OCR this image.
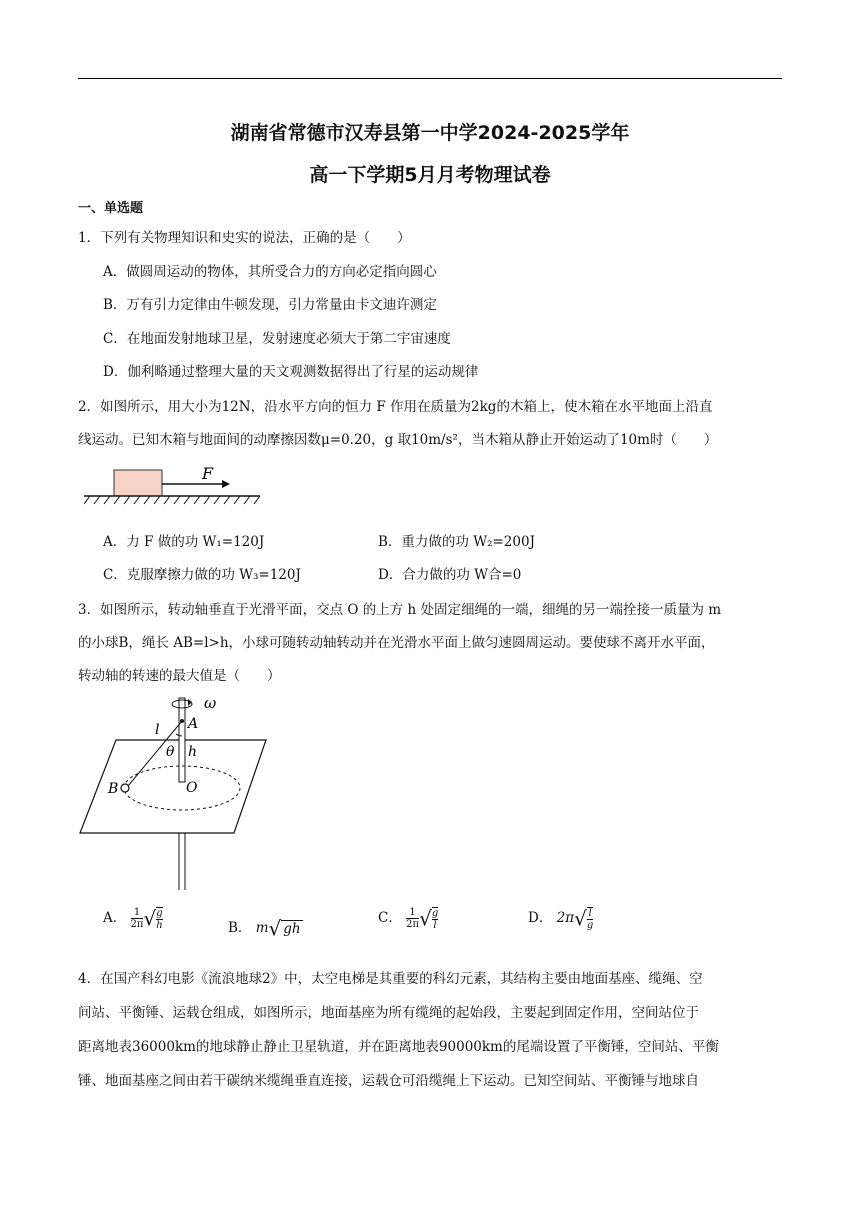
湖南省常德市汉寿县第一中学2024-2025学年
高一下学期5月月考物理试卷
一、单选题
1．下列有关物理知识和史实的说法，正确的是（　　）
A．做圆周运动的物体，其所受合力的方向必定指向圆心
B．万有引力定律由牛顿发现，引力常量由卡文迪许测定
C．在地面发射地球卫星，发射速度必须大于第二宇宙速度
D．伽利略通过整理大量的天文观测数据得出了行星的运动规律
2．如图所示，用大小为12N，沿水平方向的恒力 F 作用在质量为2kg的木箱上，使木箱在水平地面上沿直
线运动。已知木箱与地面间的动摩擦因数μ=0.20，g 取10m/s²，当木箱从静止开始运动了10m时（　　）
F
A．力 F 做的功 W₁=120J	B．重力做的功 W₂=200J
C．克服摩擦力做的功 W₃=120J	D．合力做的功 W合=0
3．如图所示，转动轴垂直于光滑平面，交点 O 的上方 h 处固定细绳的一端，细绳的另一端拴接一质量为 m
的小球B，绳长 AB=l>h，小球可随转动轴转动并在光滑水平面上做匀速圆周运动。要使球不离开水平面，
转动轴的转速的最大值是（　　）
ω
A
l
θ h
B	O
A． $\frac{1}{2\pi}$ √ $\frac{g}{h}$	B． m√ gh
C． $\frac{1}{2\pi}$ √ $\frac{g}{l}$	D． $2\pi√ \frac{l}{g}$
4．在国产科幻电影《流浪地球2》中，太空电梯是其重要的科幻元素，其结构主要由地面基座、缆绳、空
间站、平衡锤、运载仓组成，如图所示，地面基座为所有缆绳的起始段，主要起到固定作用，空间站位于
距离地表36000km的地球静止静止卫星轨道，并在距离地表90000km的尾端设置了平衡锤，空间站、平衡
锤、地面基座之间由若干碳纳米缆绳垂直连接，运载仓可沿缆绳上下运动。已知空间站、平衡锤与地球自
